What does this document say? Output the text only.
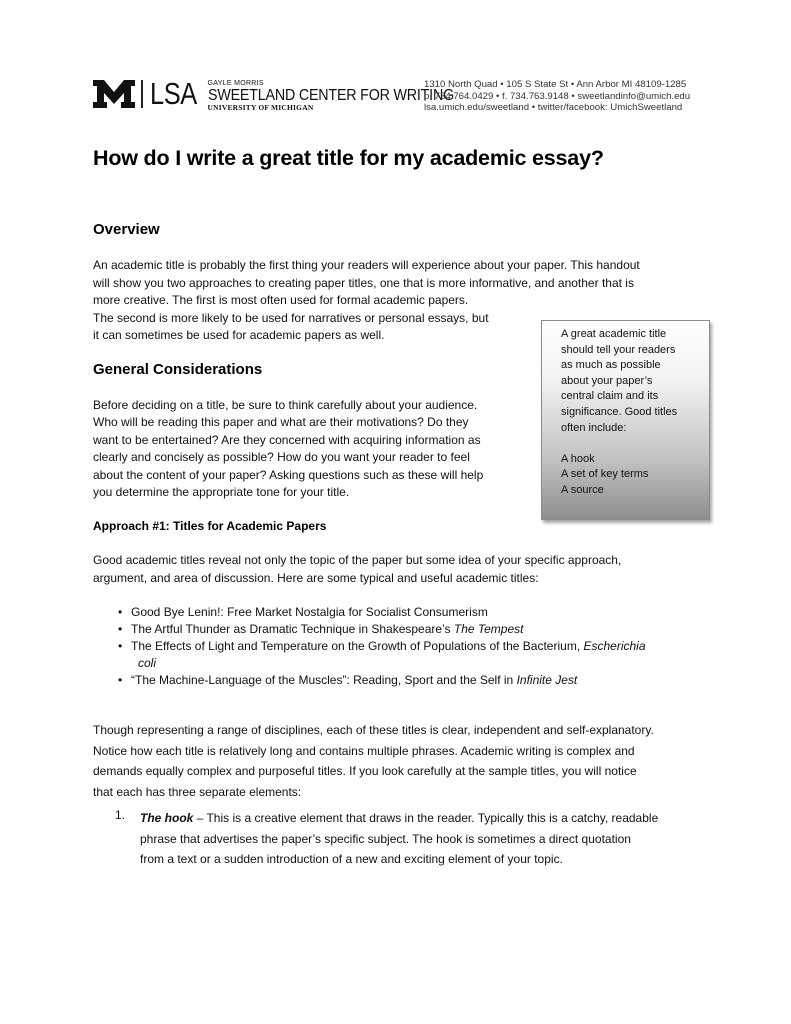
LSA GAYLE MORRIS
SWEETLAND CENTER FOR WRITING
UNIVERSITY OF MICHIGAN
1310 North Quad • 105 S State St • Ann Arbor MI 48109-1285
p. 734.764.0429 • f. 734.763.9148 • sweetlandinfo@umich.edu
lsa.umich.edu/sweetland • twitter/facebook: UmichSweetland
How do I write a great title for my academic essay?
Overview
An academic title is probably the first thing your readers will experience about your paper. This handout
will show you two approaches to creating paper titles, one that is more informative, and another that is
more creative. The first is most often used for formal academic papers.
The second is more likely to be used for narratives or personal essays, but
it can sometimes be used for academic papers as well.	A great academic title
should tell your readers
as much as possible
about your paper’s
central claim and its
significance. Good titles
often include:
A hook
A set of key terms
A source
General Considerations
Before deciding on a title, be sure to think carefully about your audience.
Who will be reading this paper and what are their motivations? Do they
want to be entertained? Are they concerned with acquiring information as
clearly and concisely as possible? How do you want your reader to feel
about the content of your paper? Asking questions such as these will help
you determine the appropriate tone for your title.
Approach #1: Titles for Academic Papers
Good academic titles reveal not only the topic of the paper but some idea of your specific approach,
argument, and area of discussion. Here are some typical and useful academic titles:
• Good Bye Lenin!: Free Market Nostalgia for Socialist Consumerism
• The Artful Thunder as Dramatic Technique in Shakespeare’s The Tempest
• The Effects of Light and Temperature on the Growth of Populations of the Bacterium, Escherichia
coli
• “The Machine-Language of the Muscles”: Reading, Sport and the Self in Infinite Jest
Though representing a range of disciplines, each of these titles is clear, independent and self-explanatory.
Notice how each title is relatively long and contains multiple phrases. Academic writing is complex and
demands equally complex and purposeful titles. If you look carefully at the sample titles, you will notice
that each has three separate elements:
1. The hook – This is a creative element that draws in the reader. Typically this is a catchy, readable
phrase that advertises the paper’s specific subject. The hook is sometimes a direct quotation
from a text or a sudden introduction of a new and exciting element of your topic.
